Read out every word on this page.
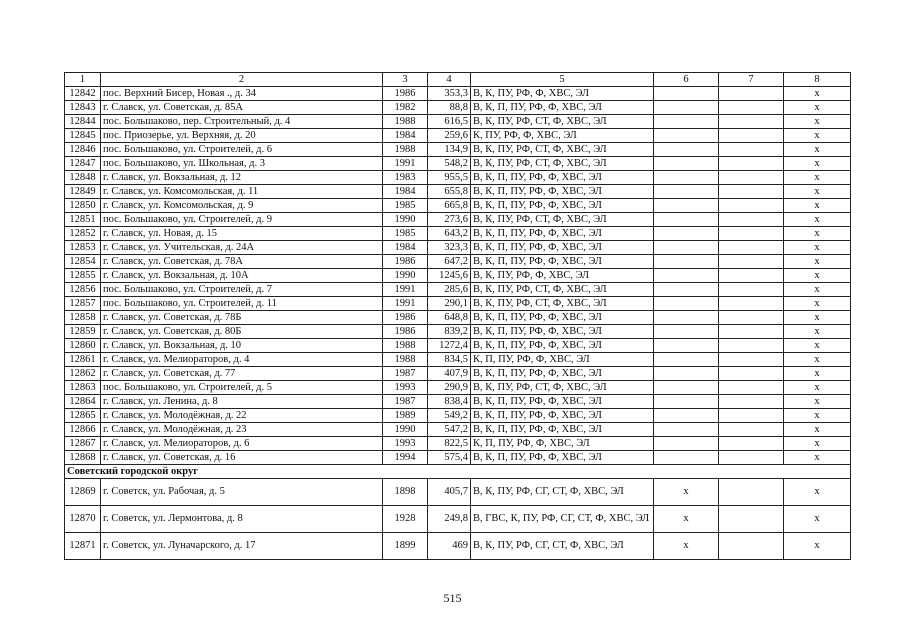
1	2	3	4	5	6	7	8
12842	пос. Верхний Бисер, Новая ., д. 34	1986	353,3	В, К, ПУ, РФ, Ф, ХВС, ЭЛ			х
12843	г. Славск, ул. Советская, д. 85А	1982	88,8	В, К, П, ПУ, РФ, Ф, ХВС, ЭЛ			х
12844	пос. Большаково, пер. Строительный, д. 4	1988	616,5	В, К, ПУ, РФ, СТ, Ф, ХВС, ЭЛ			х
12845	пос. Приозерье, ул. Верхняя, д. 20	1984	259,6	К, ПУ, РФ, Ф, ХВС, ЭЛ			х
12846	пос. Большаково, ул. Строителей, д. 6	1988	134,9	В, К, ПУ, РФ, СТ, Ф, ХВС, ЭЛ			х
12847	пос. Большаково, ул. Школьная, д. 3	1991	548,2	В, К, ПУ, РФ, СТ, Ф, ХВС, ЭЛ			х
12848	г. Славск, ул. Вокзальная, д. 12	1983	955,5	В, К, П, ПУ, РФ, Ф, ХВС, ЭЛ			х
12849	г. Славск, ул. Комсомольская, д. 11	1984	655,8	В, К, П, ПУ, РФ, Ф, ХВС, ЭЛ			х
12850	г. Славск, ул. Комсомольская, д. 9	1985	665,8	В, К, П, ПУ, РФ, Ф, ХВС, ЭЛ			х
12851	пос. Большаково, ул. Строителей, д. 9	1990	273,6	В, К, ПУ, РФ, СТ, Ф, ХВС, ЭЛ			х
12852	г. Славск, ул. Новая, д. 15	1985	643,2	В, К, П, ПУ, РФ, Ф, ХВС, ЭЛ			х
12853	г. Славск, ул. Учительская, д. 24А	1984	323,3	В, К, П, ПУ, РФ, Ф, ХВС, ЭЛ			х
12854	г. Славск, ул. Советская, д. 78А	1986	647,2	В, К, П, ПУ, РФ, Ф, ХВС, ЭЛ			х
12855	г. Славск, ул. Вокзальная, д. 10А	1990	1245,6	В, К, ПУ, РФ, Ф, ХВС, ЭЛ			х
12856	пос. Большаково, ул. Строителей, д. 7	1991	285,6	В, К, ПУ, РФ, СТ, Ф, ХВС, ЭЛ			х
12857	пос. Большаково, ул. Строителей, д. 11	1991	290,1	В, К, ПУ, РФ, СТ, Ф, ХВС, ЭЛ			х
12858	г. Славск, ул. Советская, д. 78Б	1986	648,8	В, К, П, ПУ, РФ, Ф, ХВС, ЭЛ			х
12859	г. Славск, ул. Советская, д. 80Б	1986	839,2	В, К, П, ПУ, РФ, Ф, ХВС, ЭЛ			х
12860	г. Славск, ул. Вокзальная, д. 10	1988	1272,4	В, К, П, ПУ, РФ, Ф, ХВС, ЭЛ			х
12861	г. Славск, ул. Мелиораторов, д. 4	1988	834,5	К, П, ПУ, РФ, Ф, ХВС, ЭЛ			х
12862	г. Славск, ул. Советская, д. 77	1987	407,9	В, К, П, ПУ, РФ, Ф, ХВС, ЭЛ			х
12863	пос. Большаково, ул. Строителей, д. 5	1993	290,9	В, К, ПУ, РФ, СТ, Ф, ХВС, ЭЛ			х
12864	г. Славск, ул. Ленина, д. 8	1987	838,4	В, К, П, ПУ, РФ, Ф, ХВС, ЭЛ			х
12865	г. Славск, ул. Молодёжная, д. 22	1989	549,2	В, К, П, ПУ, РФ, Ф, ХВС, ЭЛ			х
12866	г. Славск, ул. Молодёжная, д. 23	1990	547,2	В, К, П, ПУ, РФ, Ф, ХВС, ЭЛ			х
12867	г. Славск, ул. Мелиораторов, д. 6	1993	822,5	К, П, ПУ, РФ, Ф, ХВС, ЭЛ			х
12868	г. Славск, ул. Советская, д. 16	1994	575,4	В, К, П, ПУ, РФ, Ф, ХВС, ЭЛ			х
Советский городской округ							
12869	г. Советск, ул. Рабочая, д. 5	1898	405,7	В, К, ПУ, РФ, СГ, СТ, Ф, ХВС, ЭЛ	х		х
12870	г. Советск, ул. Лермонтова, д. 8	1928	249,8	В, ГВС, К, ПУ, РФ, СГ, СТ, Ф, ХВС, ЭЛ	х		х
12871	г. Советск, ул. Луначарского, д. 17	1899	469	В, К, ПУ, РФ, СГ, СТ, Ф, ХВС, ЭЛ	х		х
515
